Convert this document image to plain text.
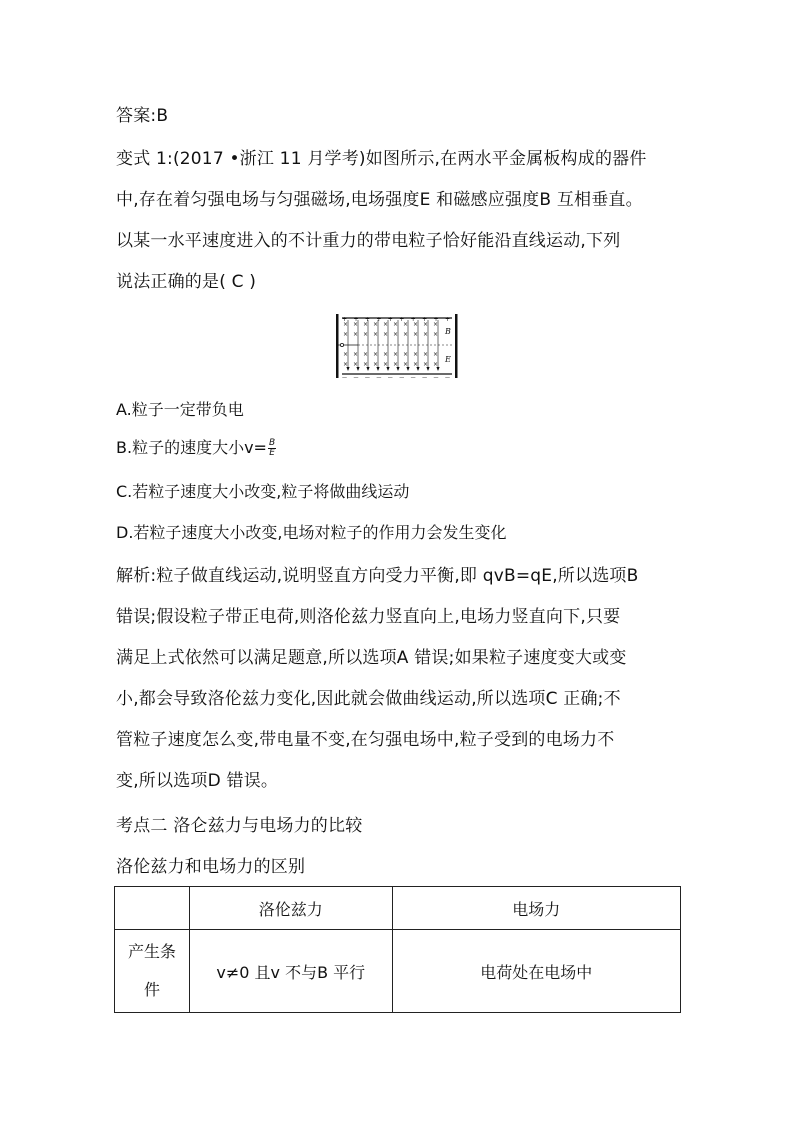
答案:B
变式 1:(2017 •浙江 11 月学考)如图所示,在两水平金属板构成的器件
中,存在着匀强电场与匀强磁场,电场强度E 和磁感应强度B 互相垂直。
以某一水平速度进入的不计重力的带电粒子恰好能沿直线运动,下列
说法正确的是( C )
+ + + + + + + + + +
— — — — — — — — — —
× × × × × × × × × ×
× × × × × × × × × ×
× × × × × × × × × ×
× × × × × × × × × ×
B
E
A.粒子一定带负电
B.粒子的速度大小$v= \frac{B}{E}$
C.若粒子速度大小改变,粒子将做曲线运动
D.若粒子速度大小改变,电场对粒子的作用力会发生变化
解析:粒子做直线运动,说明竖直方向受力平衡,即 qvB=qE,所以选项B
错误;假设粒子带正电荷,则洛伦兹力竖直向上,电场力竖直向下,只要
满足上式依然可以满足题意,所以选项A 错误;如果粒子速度变大或变
小,都会导致洛伦兹力变化,因此就会做曲线运动,所以选项C 正确;不
管粒子速度怎么变,带电量不变,在匀强电场中,粒子受到的电场力不
变,所以选项D 错误。
考点二 洛仑兹力与电场力的比较
洛伦兹力和电场力的区别
	洛伦兹力	电场力
产生条
件	v≠0 且v 不与B 平行	电荷处在电场中
